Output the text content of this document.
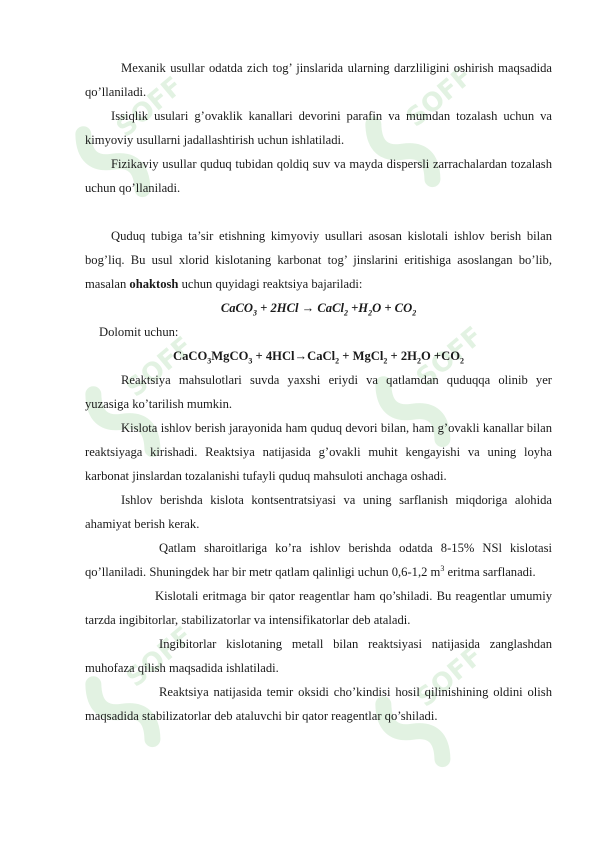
SOFF	SOFF
SOFF	SOFF
SOFF	SOFF

Mexanik usullar odatda zich tog’ jinslarida ularning darzliligini oshirish maqsadida qo’llaniladi.

Issiqlik usulari g’ovaklik kanallari devorini parafin va mumdan tozalash uchun va kimyoviy usullarni jadallashtirish uchun ishlatiladi.

Fizikaviy usullar quduq tubidan qoldiq suv va mayda dispersli zarrachalardan tozalash uchun qo’llaniladi.

Quduq tubiga ta’sir etishning kimyoviy usullari asosan kislotali ishlov berish bilan bog’liq. Bu usul xlorid kislotaning karbonat tog’ jinslarini eritishiga asoslangan bo’lib, masalan ohaktosh uchun quyidagi reaktsiya bajariladi:

CaCO$_3$ + 2HCl → CaCl$_2$ $+H_2O + CO_2$

Dolomit uchun:

CaCO$_3$MgCO$_3$ + 4HCl→CaCl$_2$ + MgCl$_2$ + $2H_2O +CO_2$

Reaktsiya mahsulotlari suvda yaxshi eriydi va qatlamdan quduqqa olinib yer yuzasiga ko’tarilish mumkin.

Kislota ishlov berish jarayonida ham quduq devori bilan, ham g’ovakli kanallar bilan reaktsiyaga kirishadi. Reaktsiya natijasida g’ovakli muhit kengayishi va uning loyha karbonat jinslardan tozalanishi tufayli quduq mahsuloti anchaga oshadi.

Ishlov berishda kislota kontsentratsiyasi va uning sarflanish miqdoriga alohida ahamiyat berish kerak.

Qatlam sharoitlariga ko’ra ishlov berishda odatda 8-15% NSl kislotasi qo’llaniladi. Shuningdek har bir metr qatlam qalinligi uchun 0,6-1,2 $m^3$ eritma sarflanadi.

Kislotali eritmaga bir qator reagentlar ham qo’shiladi. Bu reagentlar umumiy tarzda ingibitorlar, stabilizatorlar va intensifikatorlar deb ataladi.

Ingibitorlar kislotaning metall bilan reaktsiyasi natijasida zanglashdan muhofaza qilish maqsadida ishlatiladi.

Reaktsiya natijasida temir oksidi cho’kindisi hosil qilinishining oldini olish maqsadida stabilizatorlar deb ataluvchi bir qator reagentlar qo’shiladi.
